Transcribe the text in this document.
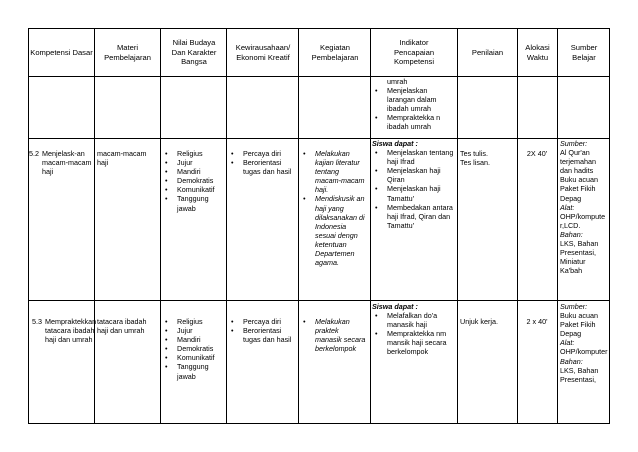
Kompetensi Dasar
Materi Pembelajaran
Nilai Budaya Dan Karakter Bangsa
Kewirausahaan/ Ekonomi Kreatif
Kegiatan Pembelajaran
Indikator Pencapaian Kompetensi
Penilaian
Alokasi Waktu
Sumber Belajar
umrah
• Menjelaskan larangan dalam ibadah umrah
• Mempraktekka n ibadah umrah
5.2 Menjelask-an macam-macam haji
macam-macam haji
• Religius
• Jujur
• Mandiri
• Demokratis
• Komunikatif
• Tanggung jawab
• Percaya diri
• Berorientasi tugas dan hasil
• Melakukan kajian literatur tentang macam-macam haji.
• Mendiskusik an haji yang dilaksanakan di Indonesia sesuai dengn ketentuan Departemen agama.
Siswa dapat :
• Menjelaskan tentang haji Ifrad
• Menjelaskan haji Qiran
• Menjelaskan haji Tamattu'
• Membedakan antara haji Ifrad, Qiran dan Tamattu'
Tes tulis.
Tes lisan.
2X 40'
Sumber:
Al Qur'an terjemahan dan hadits
Buku acuan Paket Fikih Depag
Alat:
OHP/komputer,LCD.
Bahan:
LKS, Bahan Presentasi, Miniatur Ka'bah
5.3 Mempraktekkan tatacara ibadah haji dan umrah
tatacara ibadah haji dan umrah
• Religius
• Jujur
• Mandiri
• Demokratis
• Komunikatif
• Tanggung jawab
• Percaya diri
• Berorientasi tugas dan hasil
• Melakukan praktek manasik secara berkelompok
Siswa dapat :
• Melafalkan do'a manasik haji
• Mempraktekka nm mansik haji secara berkelompok
Unjuk kerja.	2 x 40'
Sumber:
Buku acuan Paket Fikih Depag
Alat:
OHP/komputer
Bahan:
LKS, Bahan Presentasi,
